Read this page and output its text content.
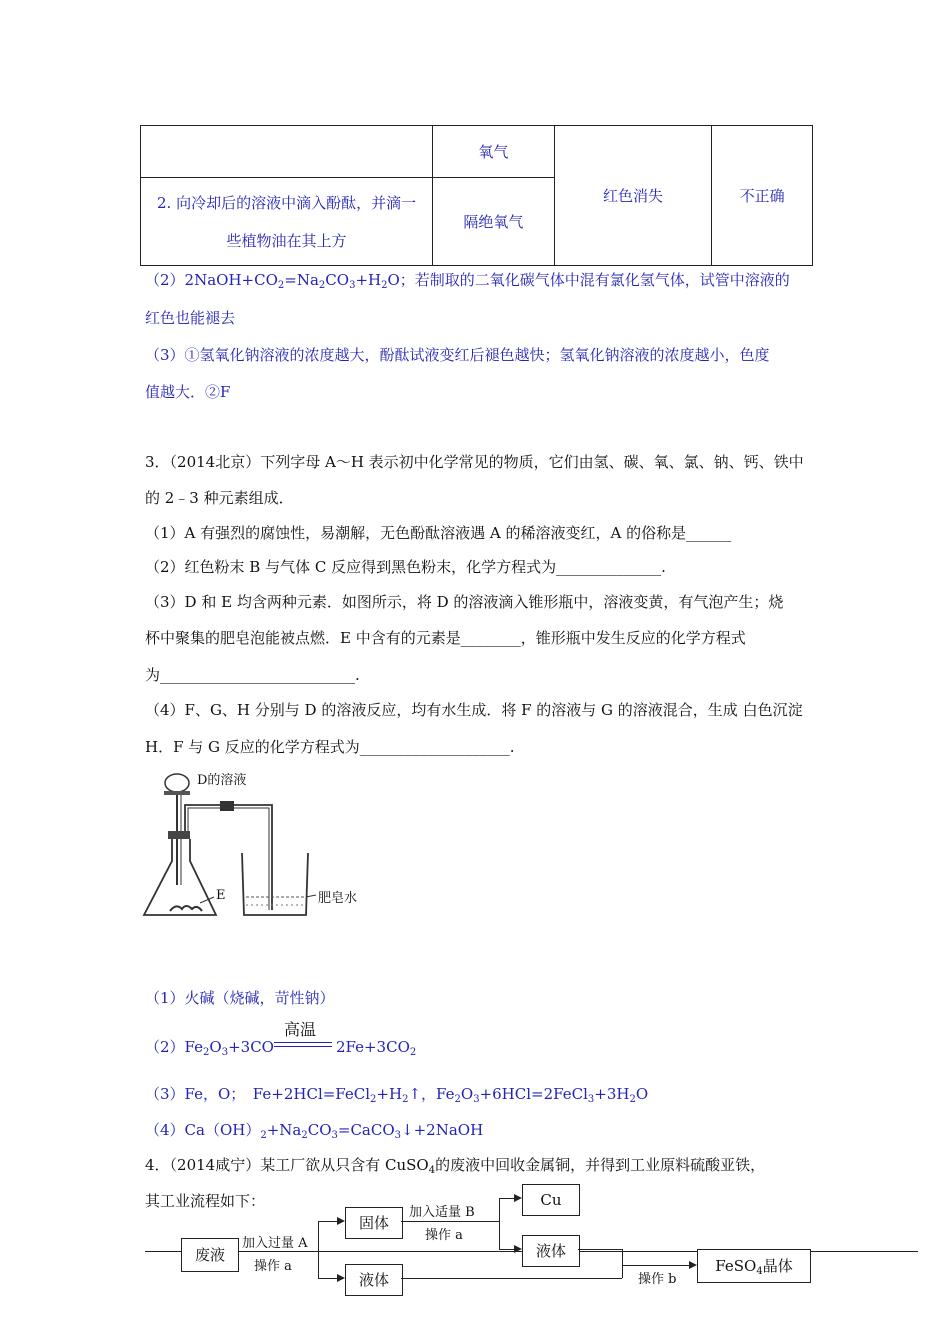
	氧气	红色消失	不正确

2. 向冷却后的溶液中滴入酚酞，并滴一
些植物油在其上方	隔绝氧气		
$(2)2NaOH+CO_2=Na_2CO_3+H_2O$；若制取的二氧化碳气体中混有氯化氢气体，试管中溶液的
红色也能褪去
（3）①氢氧化钠溶液的浓度越大，酚酞试液变红后褪色越快；氢氧化钠溶液的浓度越小，色度
值越大．②F
3．（2014北京）下列字母 A～H 表示初中化学常见的物质，它们由氢、碳、氧、氯、钠、钙、铁中
的 2﹣3 种元素组成．
（1）A 有强烈的腐蚀性，易潮解，无色酚酞溶液遇 A 的稀溶液变红，A 的俗称是______
（2）红色粉末 B 与气体 C 反应得到黑色粉末，化学方程式为______________.
（3）D 和 E 均含两种元素．如图所示，将 D 的溶液滴入锥形瓶中，溶液变黄，有气泡产生；烧
杯中聚集的肥皂泡能被点燃．E 中含有的元素是________，锥形瓶中发生反应的化学方程式
为__________________________.
（4）F、G、H 分别与 D 的溶液反应，均有水生成．将 F 的溶液与 G 的溶液混合，生成 白色沉淀
H．F 与 G 反应的化学方程式为____________________.
D的溶液
E	肥皂水
（1）火碱（烧碱，苛性钠）
$(2)Fe_2O_3+3CO$
高温
$2Fe+3CO_2$
（3）Fe，O；　$Fe+2HCl=FeCl_2+H_2↑$，$Fe_2O_3+6HCl=2FeCl_3+3H_2O$
$(4)Ca(OH)_2+Na_2CO_3=CaCO_3↓+2NaOH$
4．（2014咸宁）某工厂欲从只含有 CuSO$_4$的废液中回收金属铜，并得到工业原料硫酸亚铁，
其工业流程如下：
废液
固体
液体
Cu
液体
FeSO$_4$晶体
加入过量 A
操作 a
加入适量 B
操作 a
操作 b
